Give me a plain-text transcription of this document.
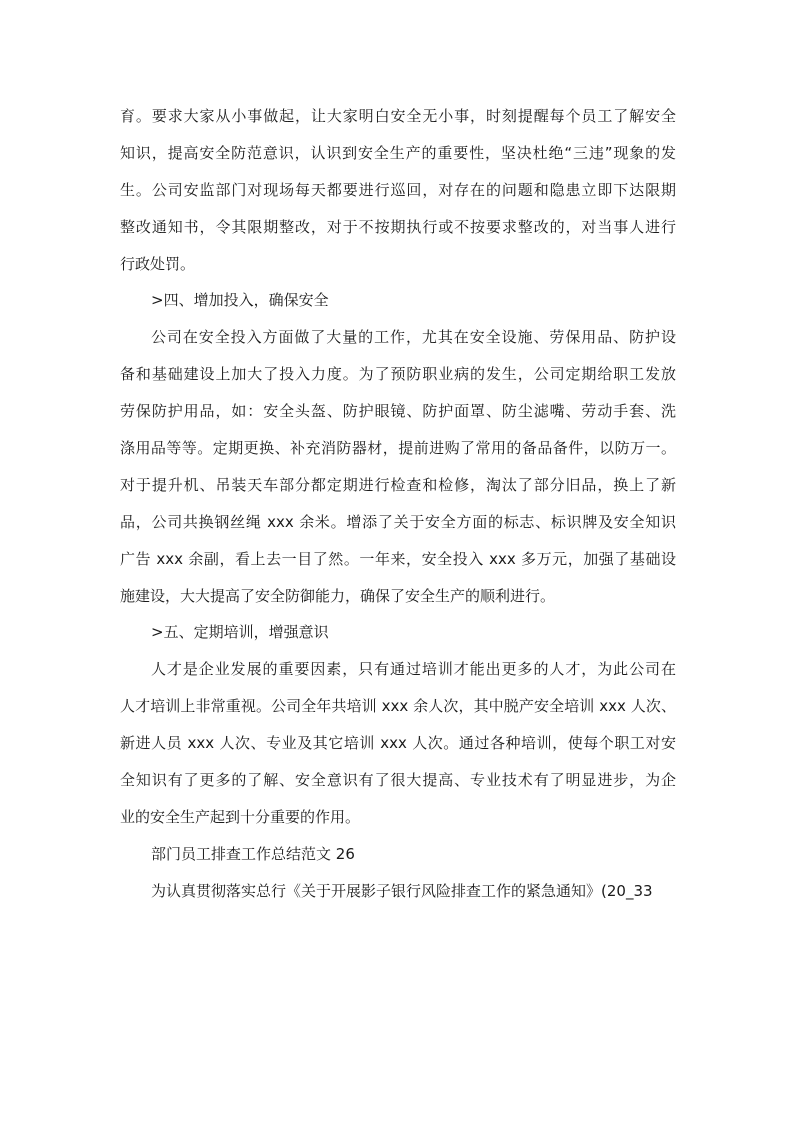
育。要求大家从小事做起，让大家明白安全无小事，时刻提醒每个员工了解安全
知识，提高安全防范意识，认识到安全生产的重要性，坚决杜绝“三违”现象的发
生。公司安监部门对现场每天都要进行巡回，对存在的问题和隐患立即下达限期
整改通知书，令其限期整改，对于不按期执行或不按要求整改的，对当事人进行
行政处罚。
>四、增加投入，确保安全
公司在安全投入方面做了大量的工作，尤其在安全设施、劳保用品、防护设
备和基础建设上加大了投入力度。为了预防职业病的发生，公司定期给职工发放
劳保防护用品，如：安全头盔、防护眼镜、防护面罩、防尘滤嘴、劳动手套、洗
涤用品等等。定期更换、补充消防器材，提前进购了常用的备品备件，以防万一。
对于提升机、吊装天车部分都定期进行检查和检修，淘汰了部分旧品，换上了新
品，公司共换钢丝绳 xxx 余米。增添了关于安全方面的标志、标识牌及安全知识
广告 xxx 余副，看上去一目了然。一年来，安全投入 xxx 多万元，加强了基础设
施建设，大大提高了安全防御能力，确保了安全生产的顺利进行。
>五、定期培训，增强意识
人才是企业发展的重要因素，只有通过培训才能出更多的人才，为此公司在
人才培训上非常重视。公司全年共培训 xxx 余人次，其中脱产安全培训 xxx 人次、
新进人员 xxx 人次、专业及其它培训 xxx 人次。通过各种培训，使每个职工对安
全知识有了更多的了解、安全意识有了很大提高、专业技术有了明显进步，为企
业的安全生产起到十分重要的作用。
部门员工排查工作总结范文 26
为认真贯彻落实总行《关于开展影子银行风险排查工作的紧急通知》(20_33
